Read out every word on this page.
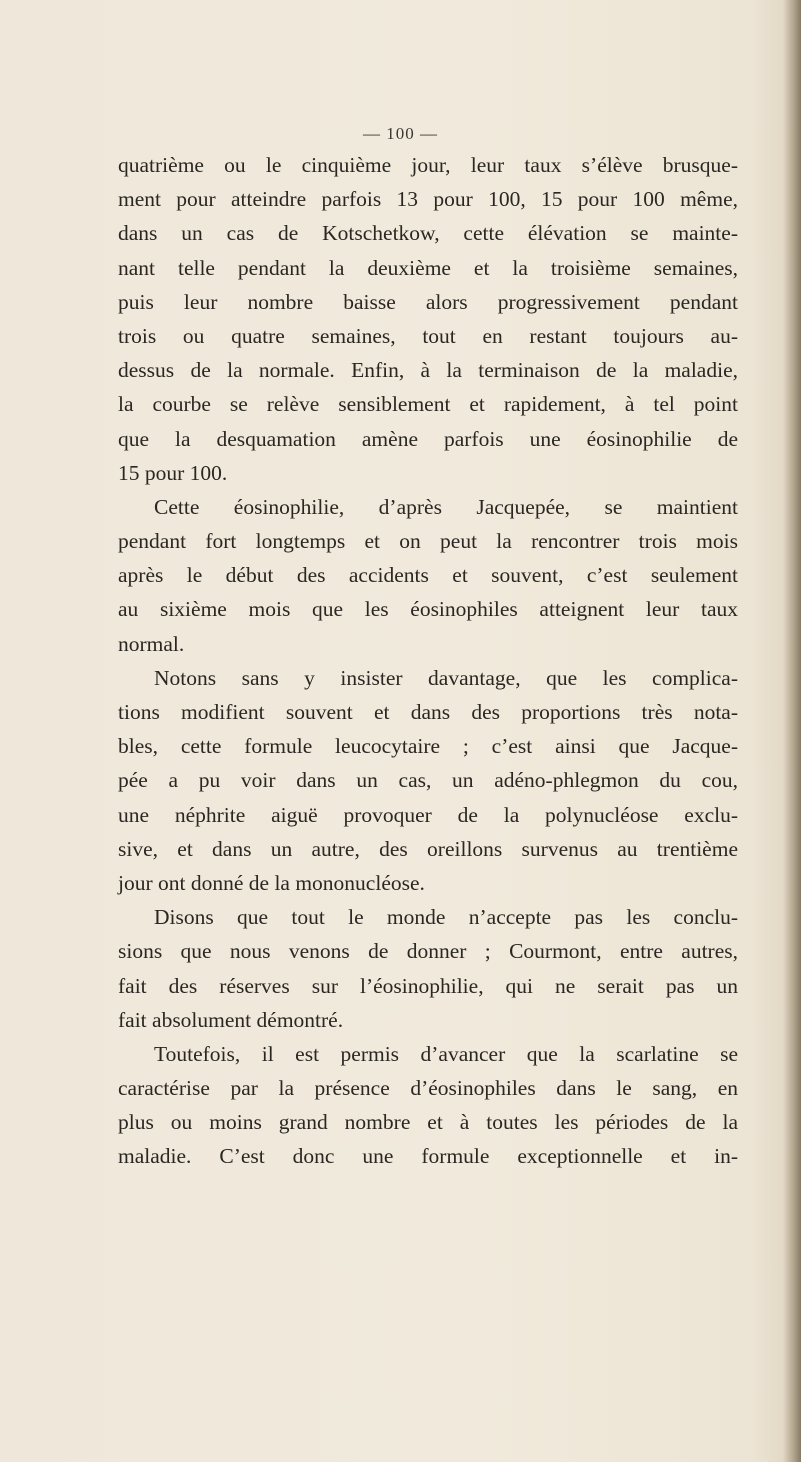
— 100 —
quatrième ou le cinquième jour, leur taux s’élève brusque-
ment pour atteindre parfois 13 pour 100, 15 pour 100 même,
dans un cas de Kotschetkow, cette élévation se mainte-
nant telle pendant la deuxième et la troisième semaines,
puis leur nombre baisse alors progressivement pendant
trois ou quatre semaines, tout en restant toujours au-
dessus de la normale. Enfin, à la terminaison de la maladie,
la courbe se relève sensiblement et rapidement, à tel point
que la desquamation amène parfois une éosinophilie de
15 pour 100.
Cette éosinophilie, d’après Jacquepée, se maintient
pendant fort longtemps et on peut la rencontrer trois mois
après le début des accidents et souvent, c’est seulement
au sixième mois que les éosinophiles atteignent leur taux
normal.
Notons sans y insister davantage, que les complica-
tions modifient souvent et dans des proportions très nota-
bles, cette formule leucocytaire ; c’est ainsi que Jacque-
pée a pu voir dans un cas, un adéno-phlegmon du cou,
une néphrite aiguë provoquer de la polynucléose exclu-
sive, et dans un autre, des oreillons survenus au trentième
jour ont donné de la mononucléose.
Disons que tout le monde n’accepte pas les conclu-
sions que nous venons de donner ; Courmont, entre autres,
fait des réserves sur l’éosinophilie, qui ne serait pas un
fait absolument démontré.
Toutefois, il est permis d’avancer que la scarlatine se
caractérise par la présence d’éosinophiles dans le sang, en
plus ou moins grand nombre et à toutes les périodes de la
maladie. C’est donc une formule exceptionnelle et in-
